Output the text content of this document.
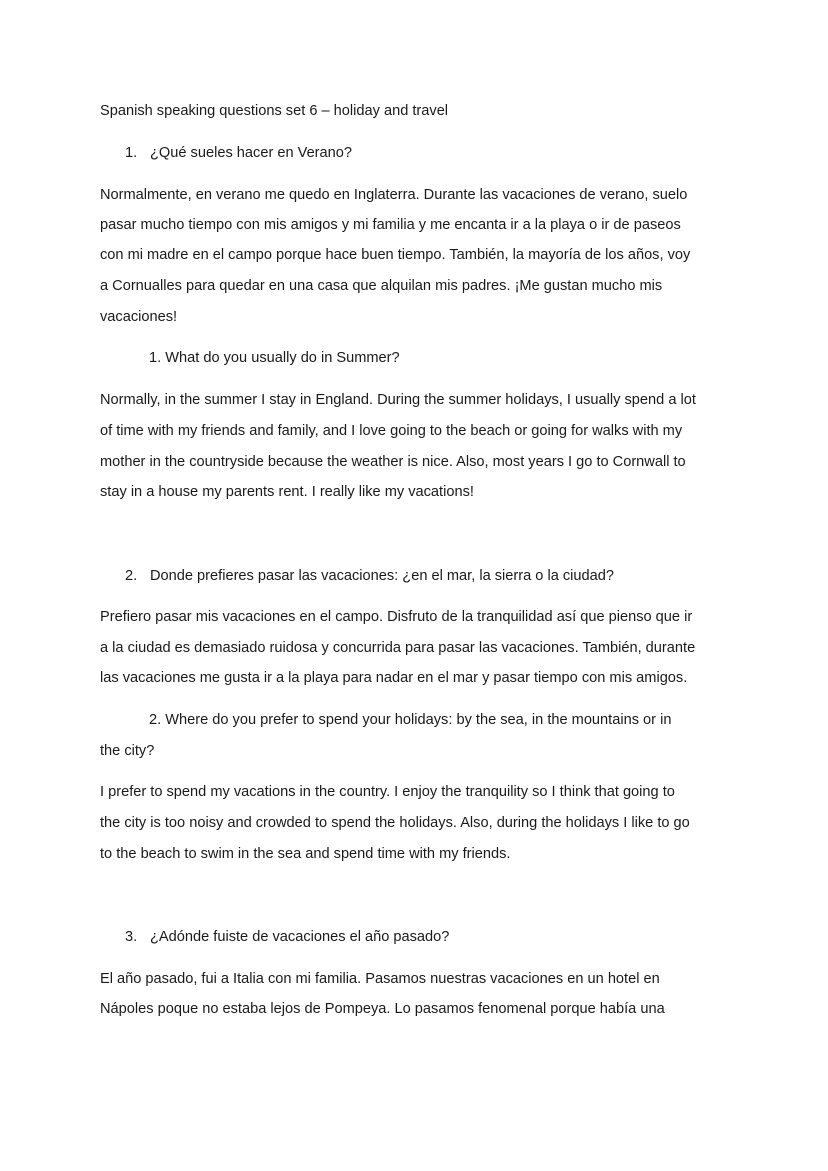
Spanish speaking questions set 6 – holiday and travel
1. ¿Qué sueles hacer en Verano?
Normalmente, en verano me quedo en Inglaterra. Durante las vacaciones de verano, suelo
pasar mucho tiempo con mis amigos y mi familia y me encanta ir a la playa o ir de paseos
con mi madre en el campo porque hace buen tiempo. También, la mayoría de los años, voy
a Cornualles para quedar en una casa que alquilan mis padres. ¡Me gustan mucho mis
vacaciones!
1. What do you usually do in Summer?
Normally, in the summer I stay in England. During the summer holidays, I usually spend a lot
of time with my friends and family, and I love going to the beach or going for walks with my
mother in the countryside because the weather is nice. Also, most years I go to Cornwall to
stay in a house my parents rent. I really like my vacations!
2. Donde prefieres pasar las vacaciones: ¿en el mar, la sierra o la ciudad?
Prefiero pasar mis vacaciones en el campo. Disfruto de la tranquilidad así que pienso que ir
a la ciudad es demasiado ruidosa y concurrida para pasar las vacaciones. También, durante
las vacaciones me gusta ir a la playa para nadar en el mar y pasar tiempo con mis amigos.
2. Where do you prefer to spend your holidays: by the sea, in the mountains or in
the city?
I prefer to spend my vacations in the country. I enjoy the tranquility so I think that going to
the city is too noisy and crowded to spend the holidays. Also, during the holidays I like to go
to the beach to swim in the sea and spend time with my friends.
3. ¿Adónde fuiste de vacaciones el año pasado?
El año pasado, fui a Italia con mi familia. Pasamos nuestras vacaciones en un hotel en
Nápoles poque no estaba lejos de Pompeya. Lo pasamos fenomenal porque había una
